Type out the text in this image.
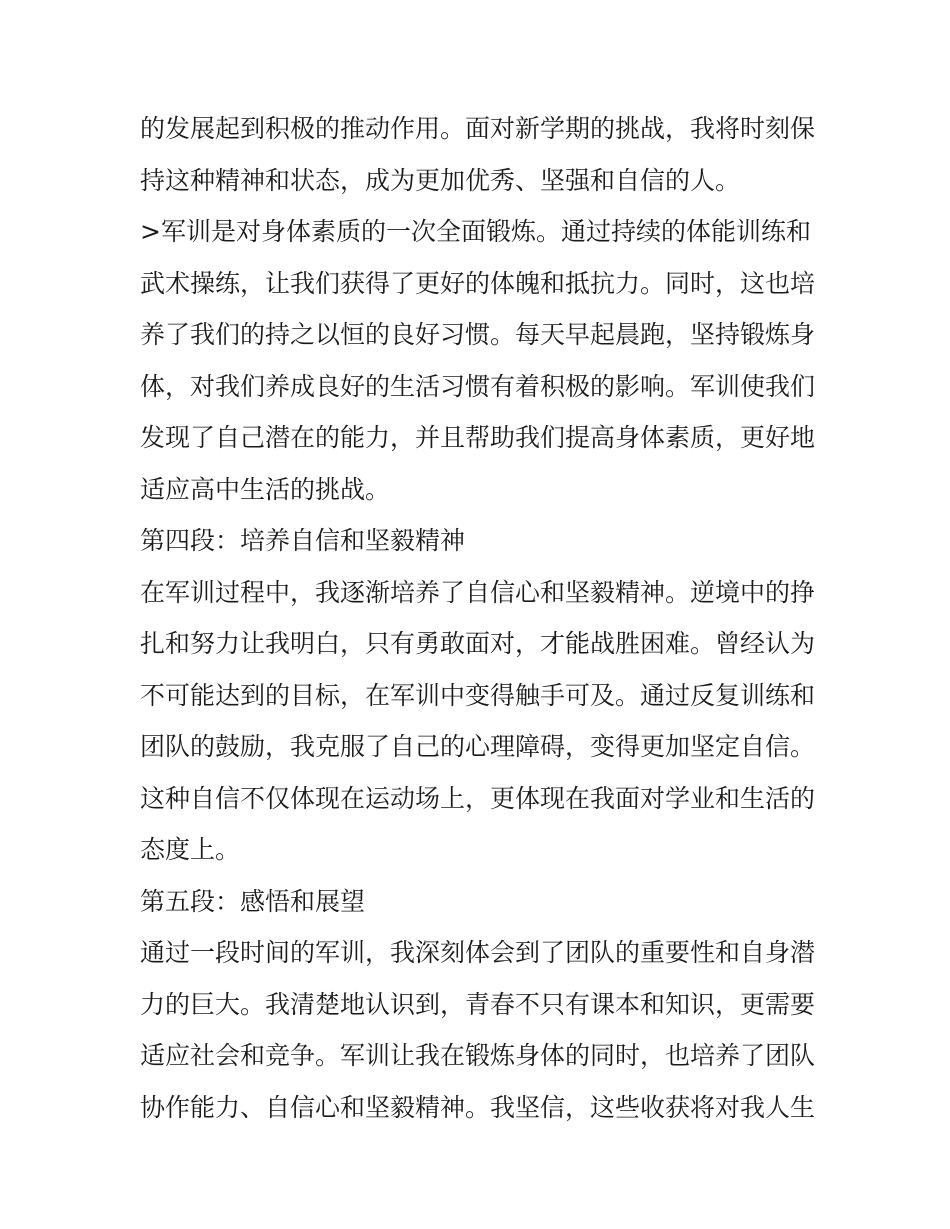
的发展起到积极的推动作用。面对新学期的挑战，我将时刻保
持这种精神和状态，成为更加优秀、坚强和自信的人。
>军训是对身体素质的一次全面锻炼。通过持续的体能训练和
武术操练，让我们获得了更好的体魄和抵抗力。同时，这也培
养了我们的持之以恒的良好习惯。每天早起晨跑，坚持锻炼身
体，对我们养成良好的生活习惯有着积极的影响。军训使我们
发现了自己潜在的能力，并且帮助我们提高身体素质，更好地
适应高中生活的挑战。
第四段：培养自信和坚毅精神
在军训过程中，我逐渐培养了自信心和坚毅精神。逆境中的挣
扎和努力让我明白，只有勇敢面对，才能战胜困难。曾经认为
不可能达到的目标，在军训中变得触手可及。通过反复训练和
团队的鼓励，我克服了自己的心理障碍，变得更加坚定自信。
这种自信不仅体现在运动场上，更体现在我面对学业和生活的
态度上。
第五段：感悟和展望
通过一段时间的军训，我深刻体会到了团队的重要性和自身潜
力的巨大。我清楚地认识到，青春不只有课本和知识，更需要
适应社会和竞争。军训让我在锻炼身体的同时，也培养了团队
协作能力、自信心和坚毅精神。我坚信，这些收获将对我人生
